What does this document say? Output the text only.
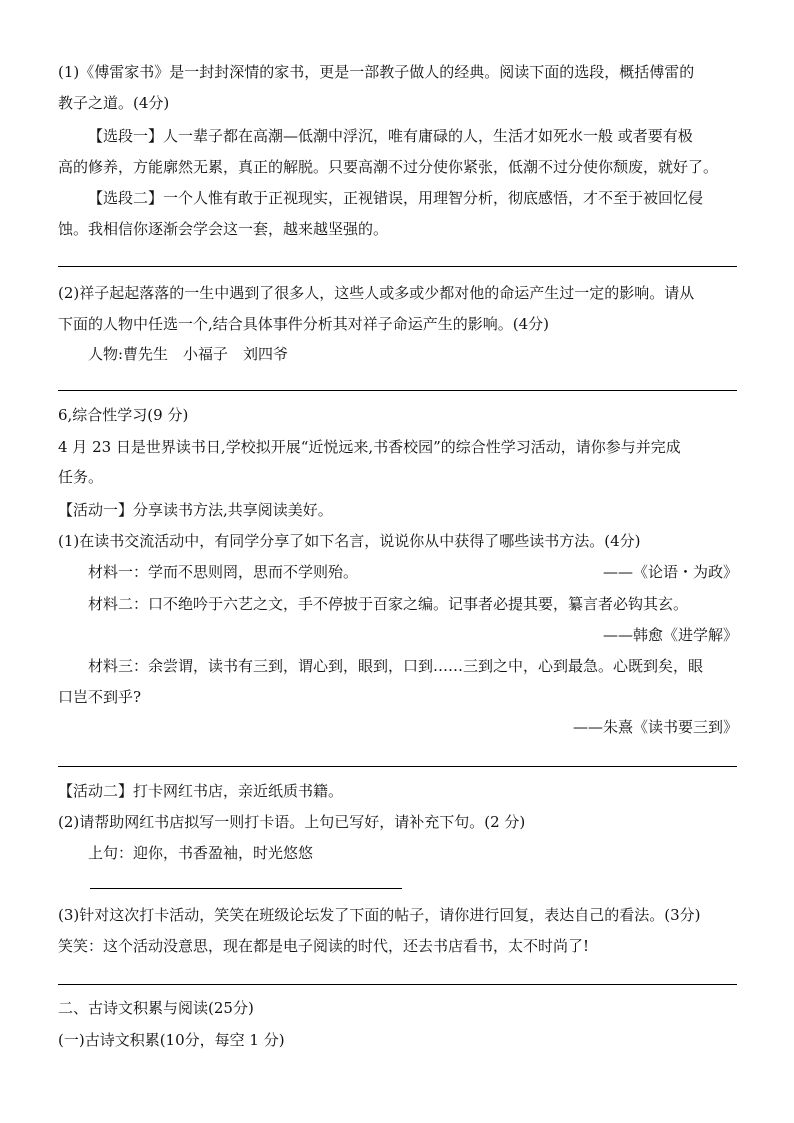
(1)《傅雷家书》是一封封深情的家书，更是一部教子做人的经典。阅读下面的选段，概括傅雷的
教子之道。(4分)
【选段一】人一辈子都在高潮—低潮中浮沉，唯有庸碌的人，生活才如死水一般 或者要有极
高的修养，方能廓然无累，真正的解脱。只要高潮不过分使你紧张，低潮不过分使你颓废，就好了。
【选段二】一个人惟有敢于正视现实，正视错误，用理智分析，彻底感悟，才不至于被回忆侵
蚀。我相信你逐渐会学会这一套，越来越坚强的。
(2)祥子起起落落的一生中遇到了很多人，这些人或多或少都对他的命运产生过一定的影响。请从
下面的人物中任选一个,结合具体事件分析其对祥子命运产生的影响。(4分)
人物:曹先生　小福子　刘四爷
6,综合性学习(9 分)
4 月 23 日是世界读书日,学校拟开展“近悦远来,书香校园”的综合性学习活动，请你参与并完成
任务。
【活动一】分享读书方法,共享阅读美好。
(1)在读书交流活动中，有同学分享了如下名言，说说你从中获得了哪些读书方法。(4分)
材料一：学而不思则罔，思而不学则殆。	——《论语・为政》
材料二：口不绝吟于六艺之文，手不停披于百家之编。记事者必提其要，纂言者必钩其玄。
——韩愈《进学解》
材料三：余尝谓，读书有三到，谓心到，眼到，口到……三到之中，心到最急。心既到矣，眼
口岂不到乎?
——朱熹《读书要三到》
【活动二】打卡网红书店，亲近纸质书籍。
(2)请帮助网红书店拟写一则打卡语。上句已写好，请补充下句。(2 分)
上句：迎你，书香盈袖，时光悠悠
(3)针对这次打卡活动，笑笑在班级论坛发了下面的帖子，请你进行回复，表达自己的看法。(3分)
笑笑：这个活动没意思，现在都是电子阅读的时代，还去书店看书，太不时尚了!
二、古诗文积累与阅读(25分)
(一)古诗文积累(10分，每空 1 分)
